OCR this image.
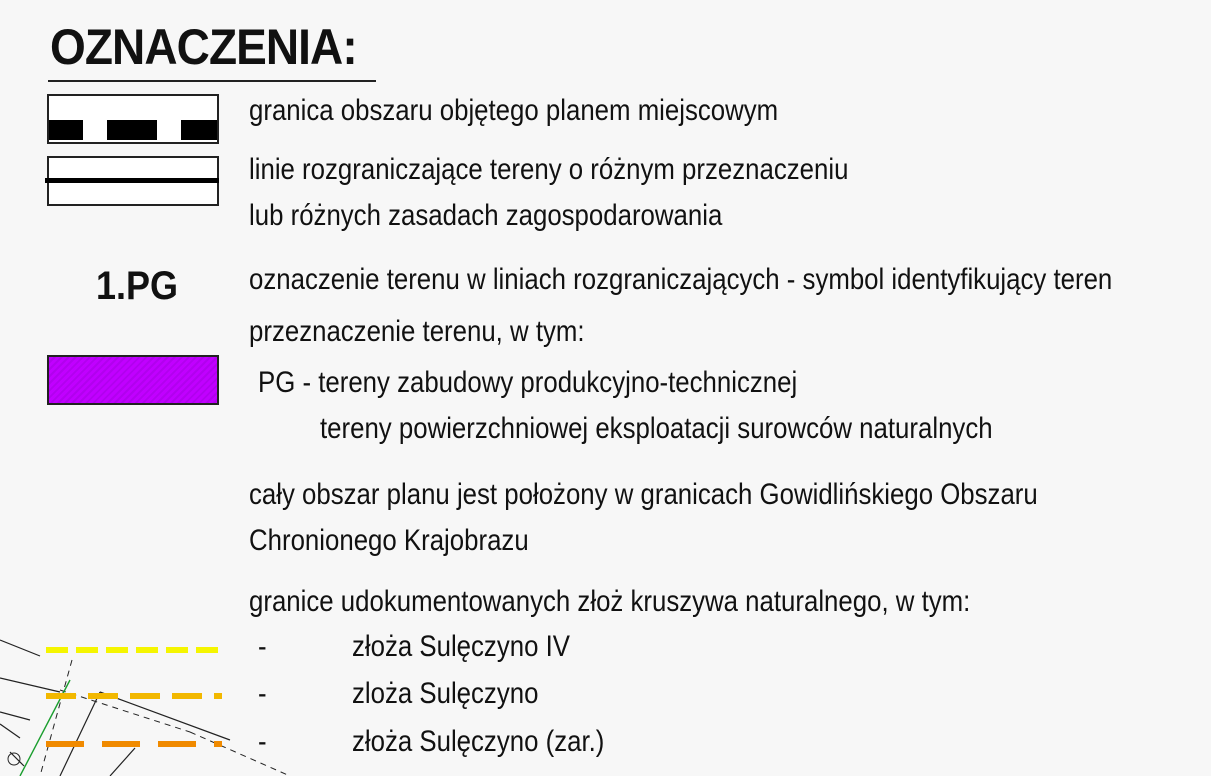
OZNACZENIA:
granica obszaru objętego planem miejscowym
linie rozgraniczające tereny o różnym przeznaczeniu
lub różnych zasadach zagospodarowania
1.PG oznaczenie terenu w liniach rozgraniczających - symbol identyfikujący teren
przeznaczenie terenu, w tym:
PG - tereny zabudowy produkcyjno-technicznej
tereny powierzchniowej eksploatacji surowców naturalnych
cały obszar planu jest położony w granicach Gowidlińskiego Obszaru
Chronionego Krajobrazu
granice udokumentowanych złoż kruszywa naturalnego, w tym:
-	złoża Sulęczyno IV
-	zloża Sulęczyno
-	złoża Sulęczyno (zar.)
